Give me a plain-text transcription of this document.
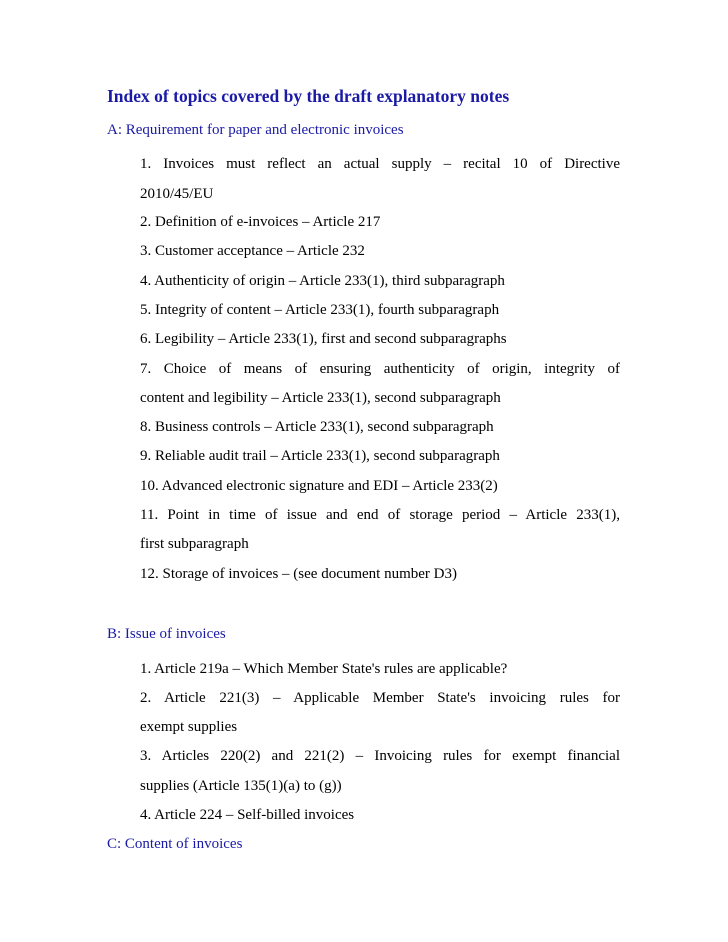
Index of topics covered by the draft explanatory notes
A: Requirement for paper and electronic invoices
1. Invoices must reflect an actual supply – recital 10 of Directive
2010/45/EU
2. Definition of e-invoices – Article 217
3. Customer acceptance – Article 232
4. Authenticity of origin – Article 233(1), third subparagraph
5. Integrity of content – Article 233(1), fourth subparagraph
6. Legibility – Article 233(1), first and second subparagraphs
7. Choice of means of ensuring authenticity of origin, integrity of
content and legibility – Article 233(1), second subparagraph
8. Business controls – Article 233(1), second subparagraph
9. Reliable audit trail – Article 233(1), second subparagraph
10. Advanced electronic signature and EDI – Article 233(2)
11. Point in time of issue and end of storage period – Article 233(1),
first subparagraph
12. Storage of invoices – (see document number D3)
B: Issue of invoices
1. Article 219a – Which Member State's rules are applicable?
2. Article 221(3) – Applicable Member State's invoicing rules for
exempt supplies
3. Articles 220(2) and 221(2) – Invoicing rules for exempt financial
supplies (Article 135(1)(a) to (g))
4. Article 224 – Self-billed invoices
C: Content of invoices
